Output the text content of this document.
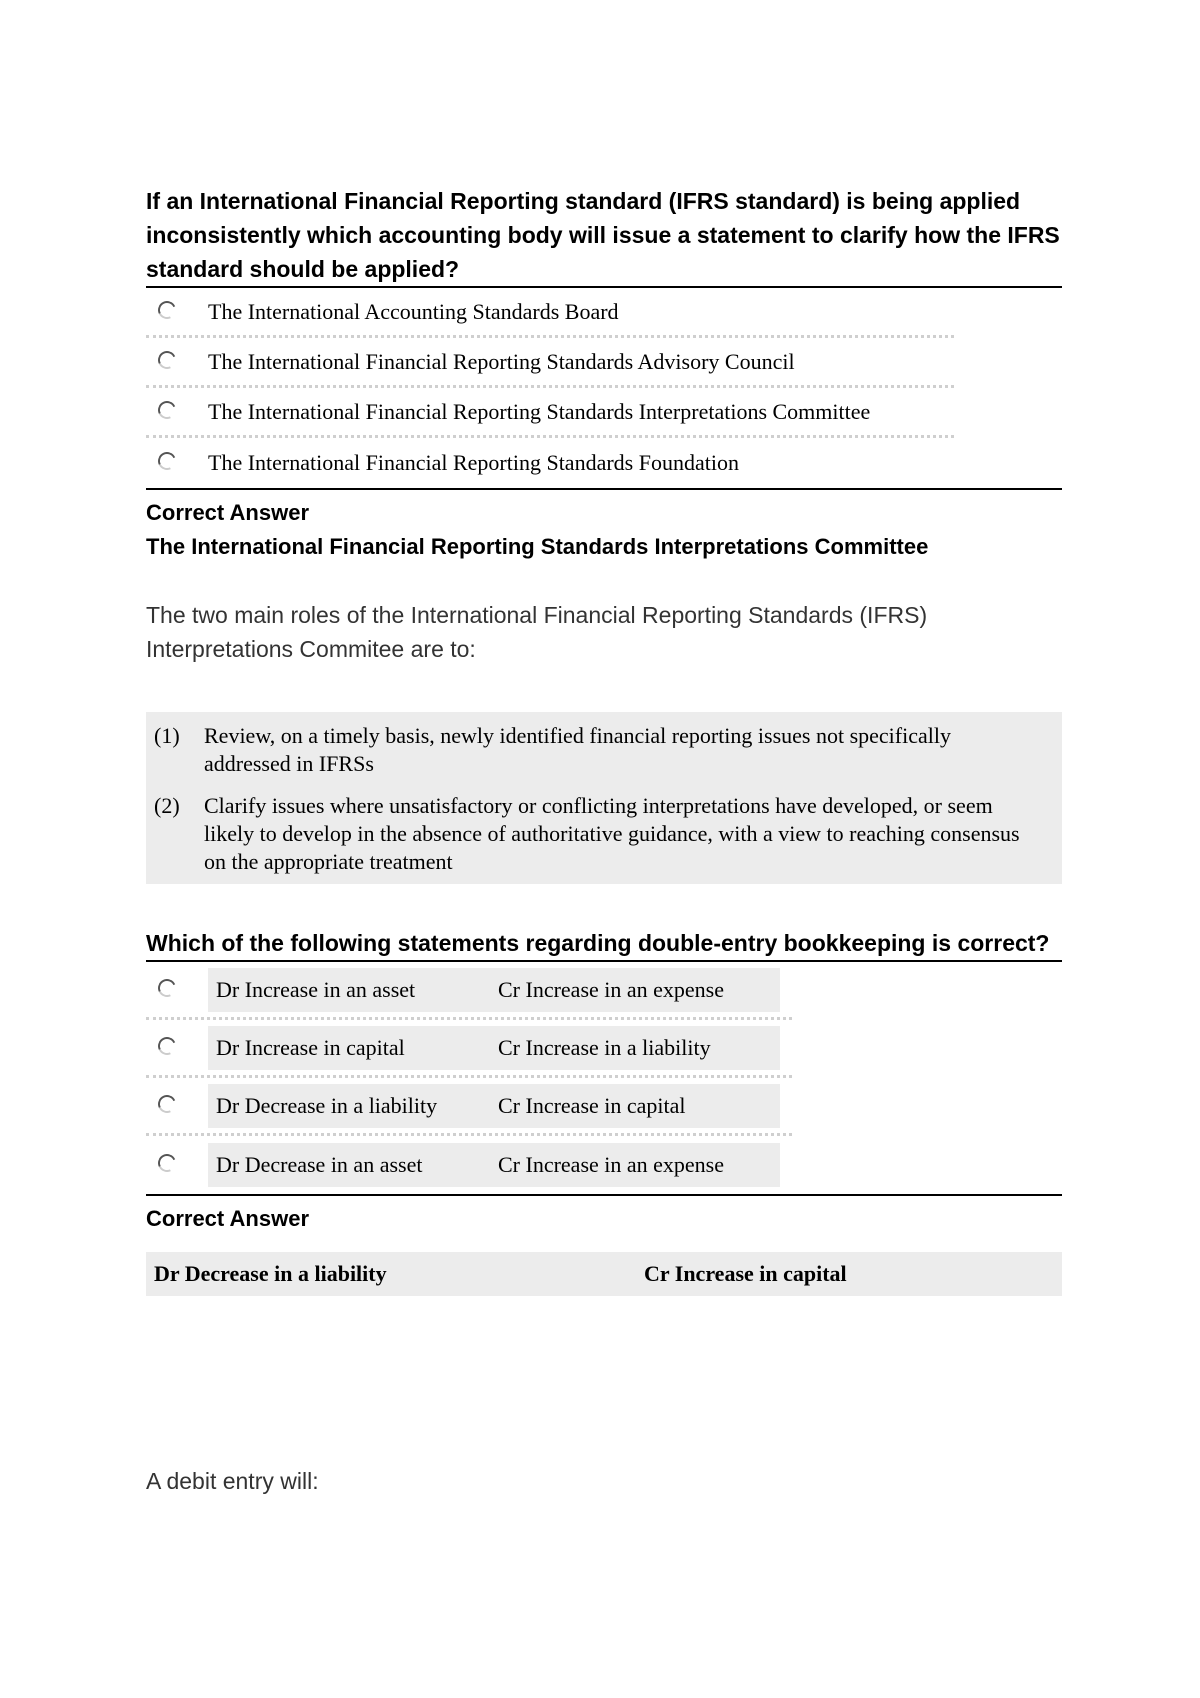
If an International Financial Reporting standard (IFRS standard) is being applied inconsistently which accounting body will issue a statement to clarify how the IFRS standard should be applied?
The International Accounting Standards Board
The International Financial Reporting Standards Advisory Council
The International Financial Reporting Standards Interpretations Committee
The International Financial Reporting Standards Foundation
Correct Answer
The International Financial Reporting Standards Interpretations Committee
The two main roles of the International Financial Reporting Standards (IFRS) Interpretations Commitee are to:
(1)	Review, on a timely basis, newly identified financial reporting issues not specifically addressed in IFRSs
(2)	Clarify issues where unsatisfactory or conflicting interpretations have developed, or seem likely to develop in the absence of authoritative guidance, with a view to reaching consensus on the appropriate treatment
Which of the following statements regarding double-entry bookkeeping is correct?
Dr Increase in an asset	Cr Increase in an expense
Dr Increase in capital	Cr Increase in a liability
Dr Decrease in a liability	Cr Increase in capital
Dr Decrease in an asset	Cr Increase in an expense
Correct Answer
Dr Decrease in a liability	Cr Increase in capital
A debit entry will:
